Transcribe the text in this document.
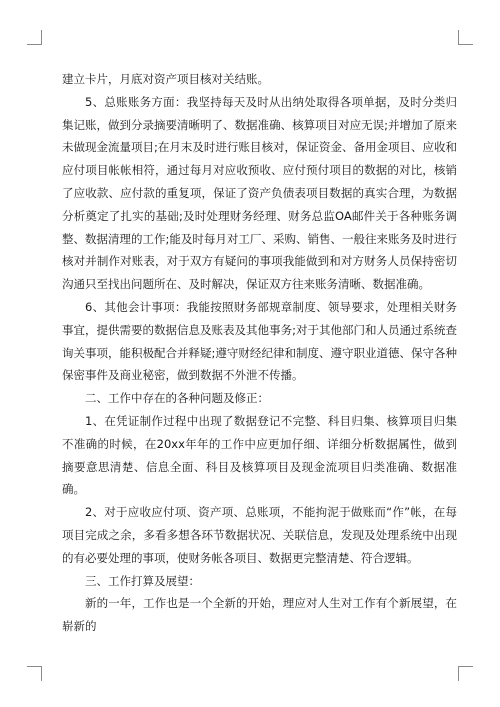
建立卡片，月底对资产项目核对关结账。

5、总账账务方面：我坚持每天及时从出纳处取得各项单据，及时分类归集记账，做到分录摘要清晰明了、数据准确、核算项目对应无误;并增加了原来未做现金流量项目;在月末及时进行账目核对，保证资金、备用金项目、应收和应付项目帐帐相符，通过每月对应收预收、应付预付项目的数据的对比，核销了应收款、应付款的重复项，保证了资产负债表项目数据的真实合理，为数据分析奠定了扎实的基础;及时处理财务经理、财务总监OA邮件关于各种账务调整、数据清理的工作;能及时每月对工厂、采购、销售、一般往来账务及时进行核对并制作对账表，对于双方有疑问的事项我能做到和对方财务人员保持密切沟通只至找出问题所在、及时解决，保证双方往来账务清晰、数据准确。

6、其他会计事项：我能按照财务部规章制度、领导要求，处理相关财务事宜，提供需要的数据信息及账表及其他事务;对于其他部门和人员通过系统查询关事项，能积极配合并释疑;遵守财经纪律和制度、遵守职业道德、保守各种保密事件及商业秘密，做到数据不外泄不传播。

二、工作中存在的各种问题及修正：

1、在凭证制作过程中出现了数据登记不完整、科目归集、核算项目归集不准确的时候，在20xx年年的工作中应更加仔细、详细分析数据属性，做到摘要意思清楚、信息全面、科目及核算项目及现金流项目归类准确、数据准确。

2、对于应收应付项、资产项、总账项，不能拘泥于做账而“作”帐，在每项目完成之余，多看多想各环节数据状况、关联信息，发现及处理系统中出现的有必要处理的事项，使财务帐各项目、数据更完整清楚、符合逻辑。

三、工作打算及展望：

新的一年，工作也是一个全新的开始，理应对人生对工作有个新展望，在崭新的
